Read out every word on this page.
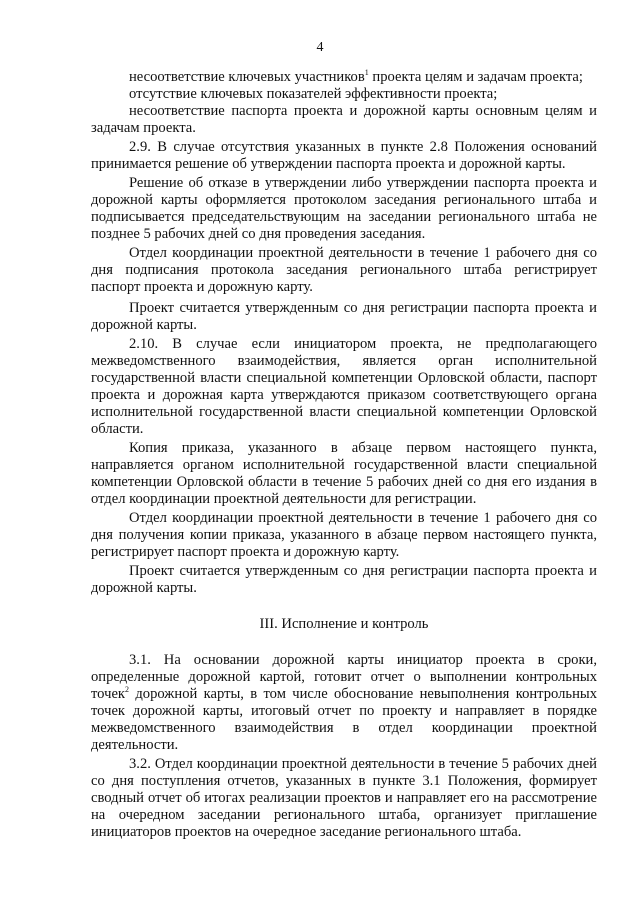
4
несоответствие ключевых участников$^1$ проекта целям и задачам проекта;
отсутствие ключевых показателей эффективности проекта;
несоответствие паспорта проекта и дорожной карты основным целям и задачам проекта.
2.9. В случае отсутствия указанных в пункте 2.8 Положения оснований принимается решение об утверждении паспорта проекта и дорожной карты.
Решение об отказе в утверждении либо утверждении паспорта проекта и дорожной карты оформляется протоколом заседания регионального штаба и подписывается председательствующим на заседании регионального штаба не позднее 5 рабочих дней со дня проведения заседания.
Отдел координации проектной деятельности в течение 1 рабочего дня со дня подписания протокола заседания регионального штаба регистрирует паспорт проекта и дорожную карту.
Проект считается утвержденным со дня регистрации паспорта проекта и дорожной карты.
2.10. В случае если инициатором проекта, не предполагающего межведомственного взаимодействия, является орган исполнительной государственной власти специальной компетенции Орловской области, паспорт проекта и дорожная карта утверждаются приказом соответствующего органа исполнительной государственной власти специальной компетенции Орловской области.
Копия приказа, указанного в абзаце первом настоящего пункта, направляется органом исполнительной государственной власти специальной компетенции Орловской области в течение 5 рабочих дней со дня его издания в отдел координации проектной деятельности для регистрации.
Отдел координации проектной деятельности в течение 1 рабочего дня со дня получения копии приказа, указанного в абзаце первом настоящего пункта, регистрирует паспорт проекта и дорожную карту.
Проект считается утвержденным со дня регистрации паспорта проекта и дорожной карты.
III. Исполнение и контроль
3.1. На основании дорожной карты инициатор проекта в сроки, определенные дорожной картой, готовит отчет о выполнении контрольных точек$^2$ дорожной карты, в том числе обоснование невыполнения контрольных точек дорожной карты, итоговый отчет по проекту и направляет в порядке межведомственного взаимодействия в отдел координации проектной деятельности.
3.2. Отдел координации проектной деятельности в течение 5 рабочих дней со дня поступления отчетов, указанных в пункте 3.1 Положения, формирует сводный отчет об итогах реализации проектов и направляет его на рассмотрение на очередном заседании регионального штаба, организует приглашение инициаторов проектов на очередное заседание регионального штаба.
